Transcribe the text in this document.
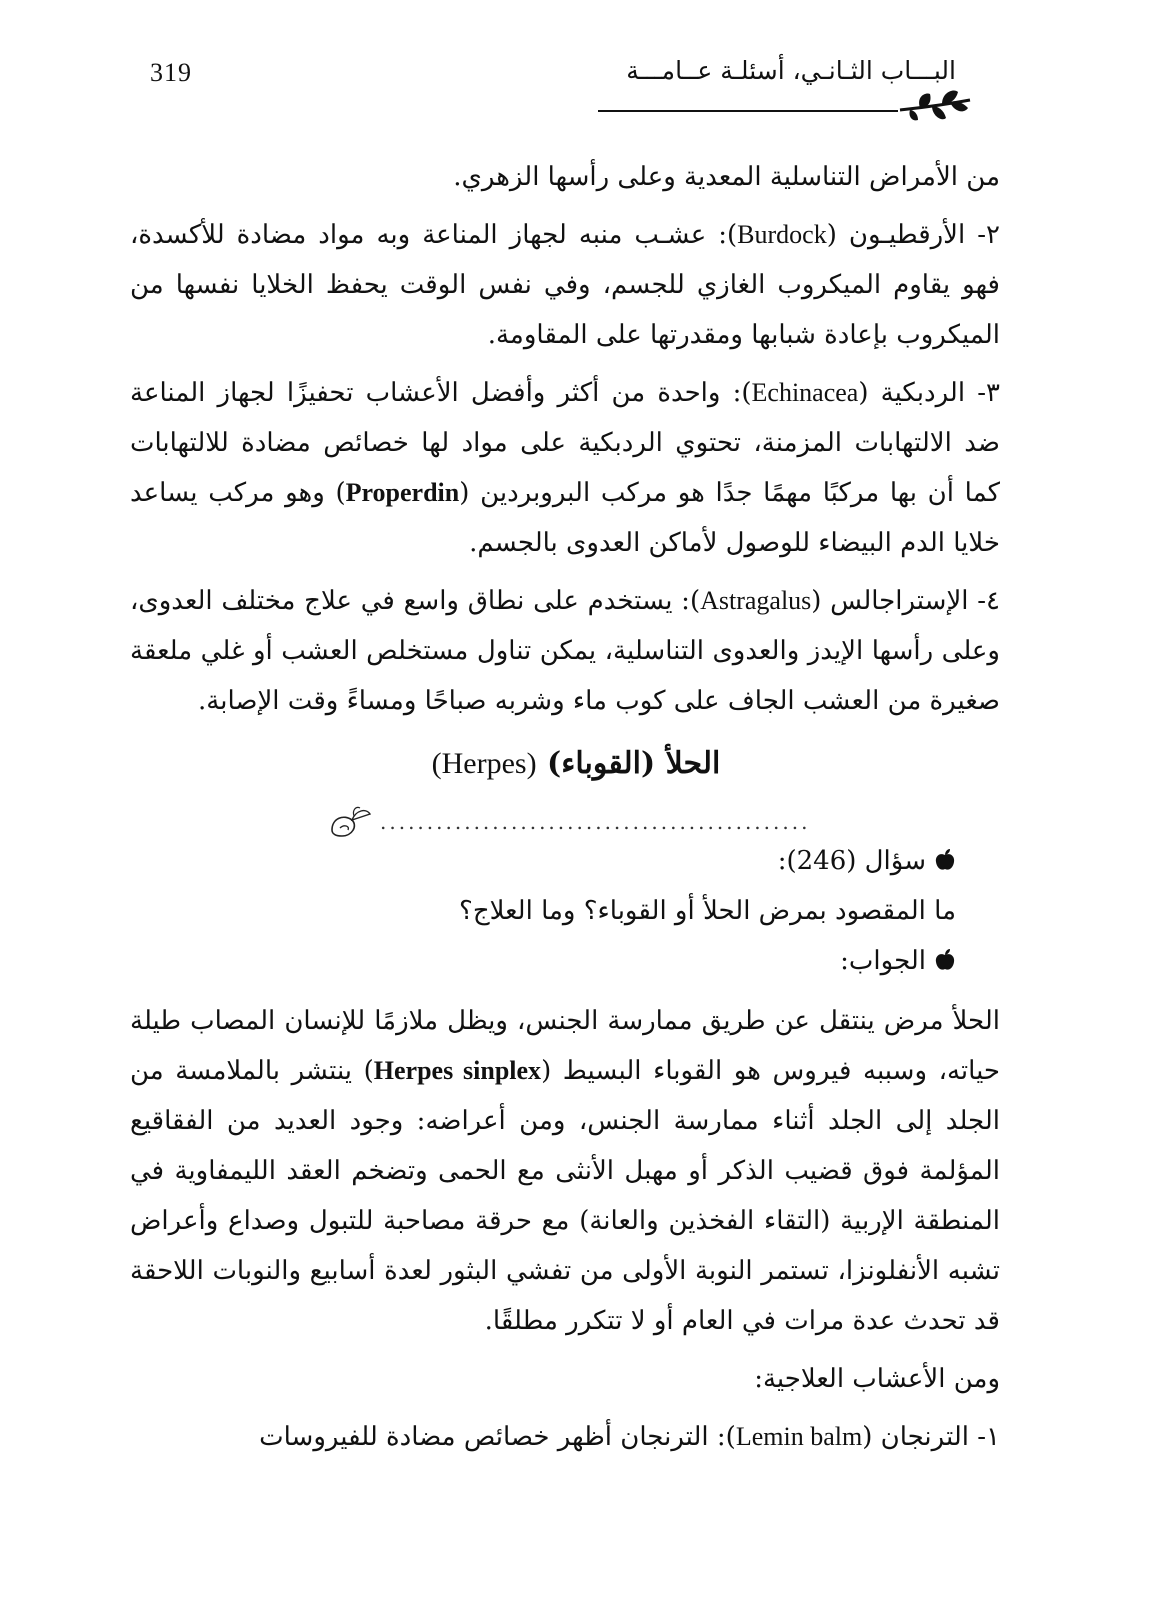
319	البـــاب الثـانـي، أسئلـة عــامـــة

من الأمراض التناسلية المعدية وعلى رأسها الزهري.

٢- الأرقطيـون (Burdock): عشـب منبه لجهاز المناعة وبه مواد مضادة للأكسدة، فهو يقاوم الميكروب الغازي للجسم، وفي نفس الوقت يحفظ الخلايا نفسها من الميكروب بإعادة شبابها ومقدرتها على المقاومة.

٣- الردبكية (Echinacea): واحدة من أكثر وأفضل الأعشاب تحفيزًا لجهاز المناعة ضد الالتهابات المزمنة، تحتوي الردبكية على مواد لها خصائص مضادة للالتهابات كما أن بها مركبًا مهمًا جدًا هو مركب البروبردين (Properdin) وهو مركب يساعد خلايا الدم البيضاء للوصول لأماكن العدوى بالجسم.

٤- الإستراجالس (Astragalus): يستخدم على نطاق واسع في علاج مختلف العدوى، وعلى رأسها الإيدز والعدوى التناسلية، يمكن تناول مستخلص العشب أو غلي ملعقة صغيرة من العشب الجاف على كوب ماء وشربه صباحًا ومساءً وقت الإصابة.

الحلأ (القوباء) (Herpes)
..............................................
سؤال (246):
ما المقصود بمرض الحلأ أو القوباء؟ وما العلاج؟
الجواب:

الحلأ مرض ينتقل عن طريق ممارسة الجنس، ويظل ملازمًا للإنسان المصاب طيلة حياته، وسببه فيروس هو القوباء البسيط (Herpes sinplex) ينتشر بالملامسة من الجلد إلى الجلد أثناء ممارسة الجنس، ومن أعراضه: وجود العديد من الفقاقيع المؤلمة فوق قضيب الذكر أو مهبل الأنثى مع الحمى وتضخم العقد الليمفاوية في المنطقة الإربية (التقاء الفخذين والعانة) مع حرقة مصاحبة للتبول وصداع وأعراض تشبه الأنفلونزا، تستمر النوبة الأولى من تفشي البثور لعدة أسابيع والنوبات اللاحقة قد تحدث عدة مرات في العام أو لا تتكرر مطلقًا.

ومن الأعشاب العلاجية:

١- الترنجان (Lemin balm): الترنجان أظهر خصائص مضادة للفيروسات
